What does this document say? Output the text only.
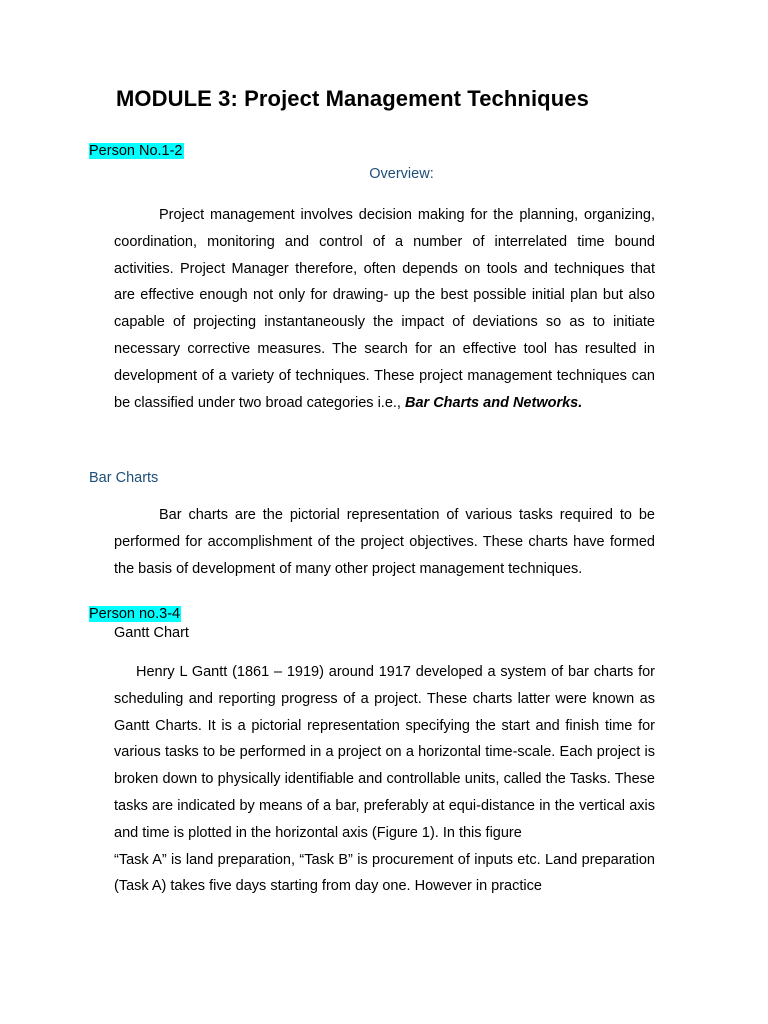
MODULE 3: Project Management Techniques
Person No.1-2
Overview:

Project management involves decision making for the planning, organizing, coordination, monitoring and control of a number of interrelated time bound activities. Project Manager therefore, often depends on tools and techniques that are effective enough not only for drawing- up the best possible initial plan but also capable of projecting instantaneously the impact of deviations so as to initiate necessary corrective measures. The search for an effective tool has resulted in development of a variety of techniques. These project management techniques can be classified under two broad categories i.e., Bar Charts and Networks.

Bar Charts

Bar charts are the pictorial representation of various tasks required to be performed for accomplishment of the project objectives. These charts have formed the basis of development of many other project management techniques.

Person no.3-4
Gantt Chart

Henry L Gantt (1861 – 1919) around 1917 developed a system of bar charts for scheduling and reporting progress of a project. These charts latter were known as Gantt Charts. It is a pictorial representation specifying the start and finish time for various tasks to be performed in a project on a horizontal time-scale. Each project is broken down to physically identifiable and controllable units, called the Tasks. These tasks are indicated by means of a bar, preferably at equi-distance in the vertical axis and time is plotted in the horizontal axis (Figure 1). In this figure

“Task A” is land preparation, “Task B” is procurement of inputs etc. Land preparation (Task A) takes five days starting from day one. However in practice
